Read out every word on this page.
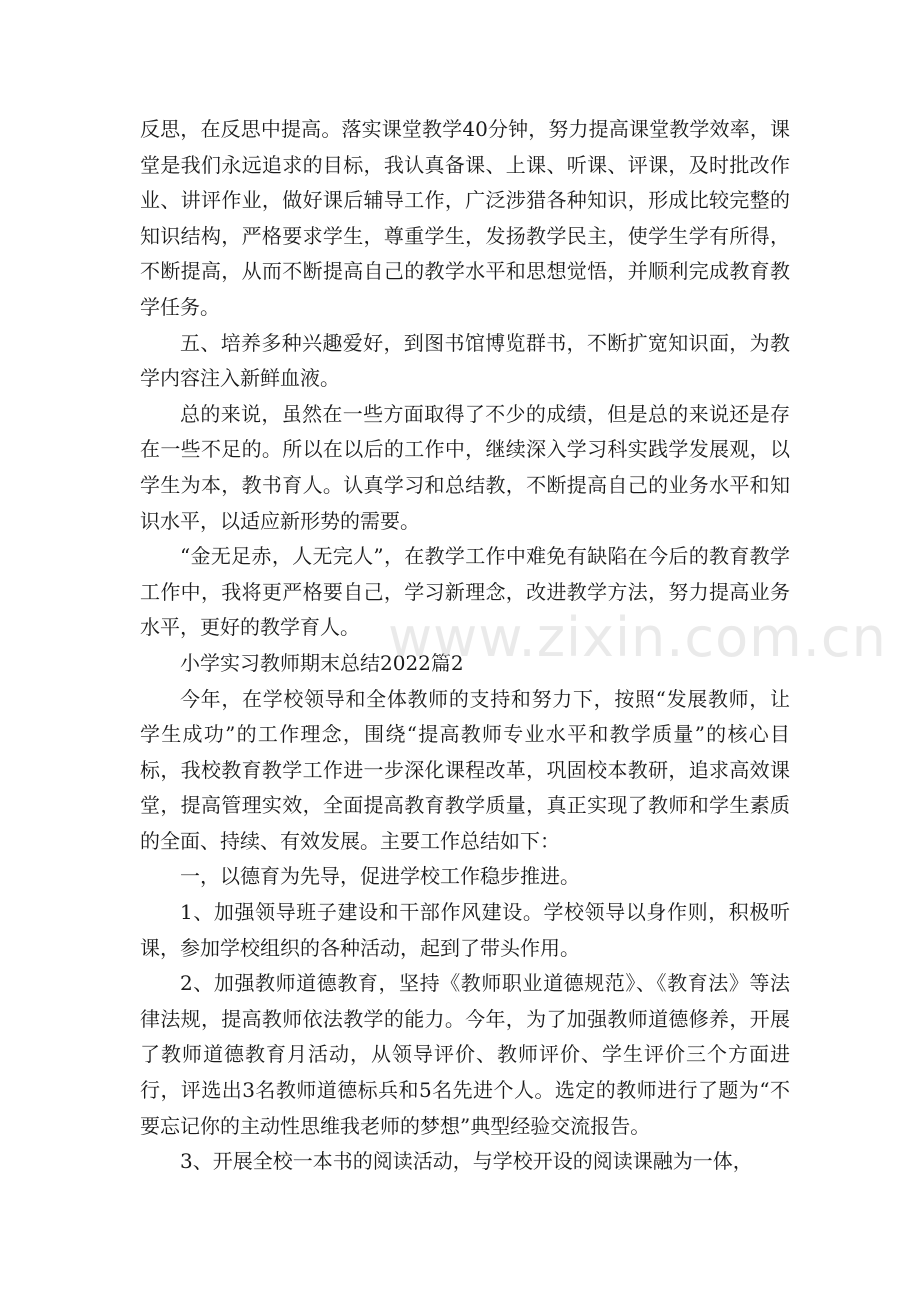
反思，在反思中提高。落实课堂教学40分钟，努力提高课堂教学效率，课堂是我们永远追求的目标，我认真备课、上课、听课、评课，及时批改作业、讲评作业，做好课后辅导工作，广泛涉猎各种知识，形成比较完整的知识结构，严格要求学生，尊重学生，发扬教学民主，使学生学有所得，不断提高，从而不断提高自己的教学水平和思想觉悟，并顺利完成教育教学任务。

五、培养多种兴趣爱好，到图书馆博览群书，不断扩宽知识面，为教学内容注入新鲜血液。

总的来说，虽然在一些方面取得了不少的成绩，但是总的来说还是存在一些不足的。所以在以后的工作中，继续深入学习科实践学发展观，以学生为本，教书育人。认真学习和总结教，不断提高自己的业务水平和知识水平，以适应新形势的需要。

“金无足赤，人无完人”，在教学工作中难免有缺陷在今后的教育教学工作中，我将更严格要自己，学习新理念，改进教学方法，努力提高业务水平，更好的教学育人。

小学实习教师期末总结2022篇2

今年，在学校领导和全体教师的支持和努力下，按照“发展教师，让学生成功”的工作理念，围绕“提高教师专业水平和教学质量”的核心目标，我校教育教学工作进一步深化课程改革，巩固校本教研，追求高效课堂，提高管理实效，全面提高教育教学质量，真正实现了教师和学生素质的全面、持续、有效发展。主要工作总结如下：

一，以德育为先导，促进学校工作稳步推进。

1、加强领导班子建设和干部作风建设。学校领导以身作则，积极听课，参加学校组织的各种活动，起到了带头作用。

2、加强教师道德教育，坚持《教师职业道德规范》、《教育法》等法律法规，提高教师依法教学的能力。今年，为了加强教师道德修养，开展了教师道德教育月活动，从领导评价、教师评价、学生评价三个方面进行，评选出3名教师道德标兵和5名先进个人。选定的教师进行了题为“不要忘记你的主动性思维我老师的梦想”典型经验交流报告。

3、开展全校一本书的阅读活动，与学校开设的阅读课融为一体，

www.zixin.com.cn
